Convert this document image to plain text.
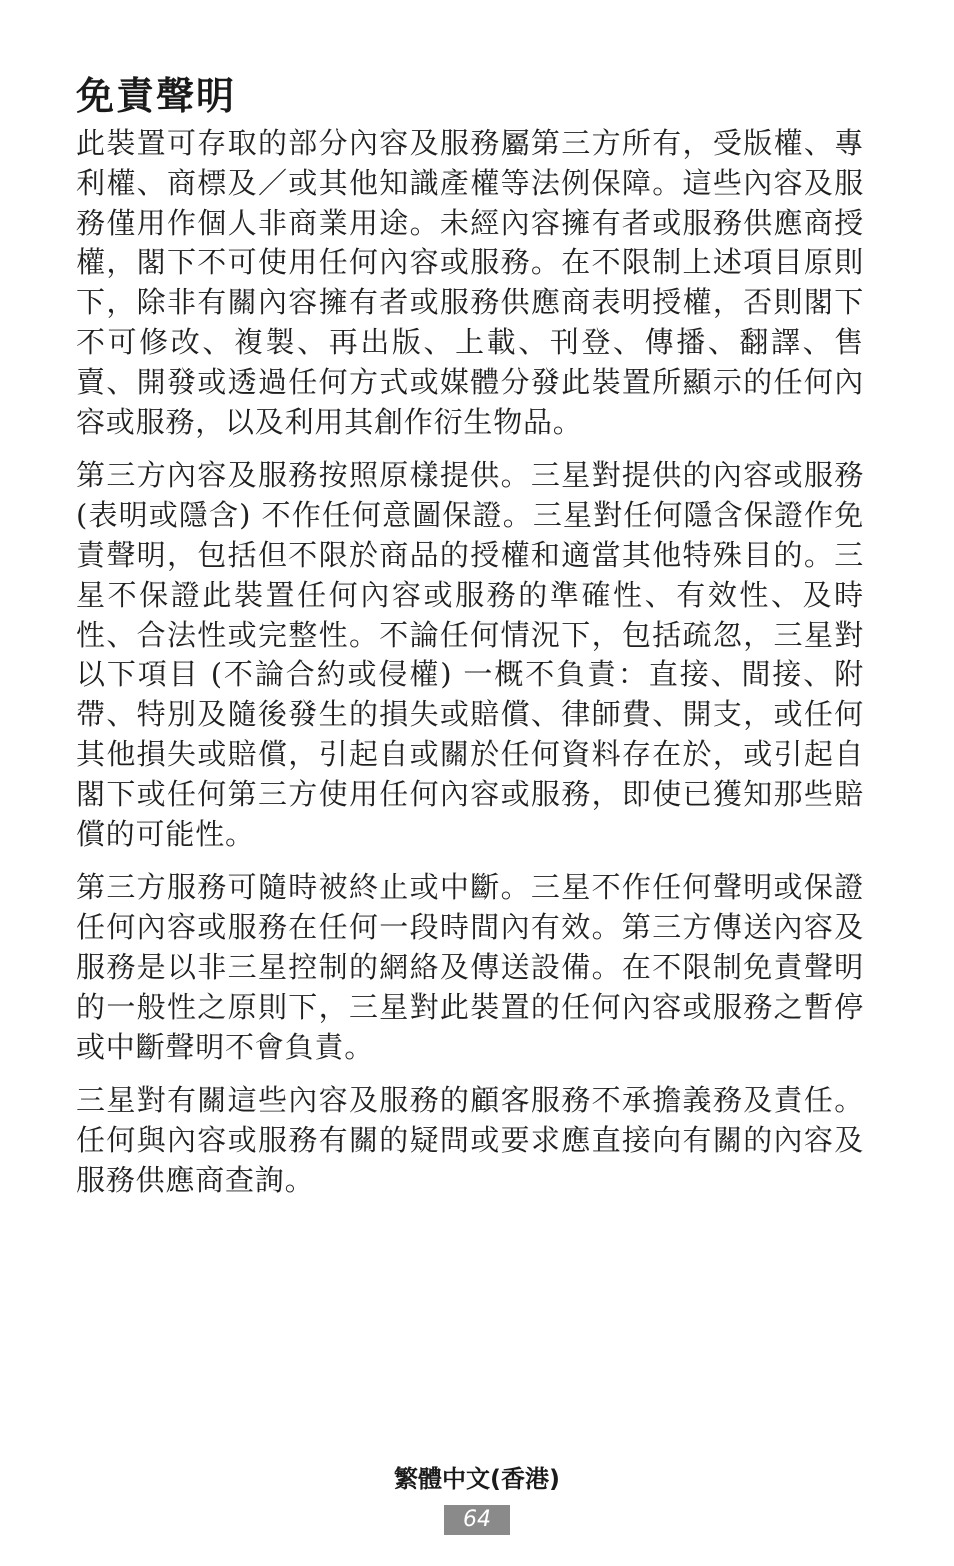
免責聲明

此裝置可存取的部分內容及服務屬第三方所有，受版權、專利權、商標及／或其他知識產權等法例保障。這些內容及服務僅用作個人非商業用途。未經內容擁有者或服務供應商授權，閣下不可使用任何內容或服務。在不限制上述項目原則下，除非有關內容擁有者或服務供應商表明授權，否則閣下不可修改、複製、再出版、上載、刊登、傳播、翻譯、售賣、開發或透過任何方式或媒體分發此裝置所顯示的任何內容或服務，以及利用其創作衍生物品。

第三方內容及服務按照原樣提供。三星對提供的內容或服務 (表明或隱含) 不作任何意圖保證。三星對任何隱含保證作免責聲明，包括但不限於商品的授權和適當其他特殊目的。三星不保證此裝置任何內容或服務的準確性、有效性、及時性、合法性或完整性。不論任何情況下，包括疏忽，三星對以下項目 (不論合約或侵權) 一概不負責：直接、間接、附帶、特別及隨後發生的損失或賠償、律師費、開支，或任何其他損失或賠償，引起自或關於任何資料存在於，或引起自閣下或任何第三方使用任何內容或服務，即使已獲知那些賠償的可能性。

第三方服務可隨時被終止或中斷。三星不作任何聲明或保證任何內容或服務在任何一段時間內有效。第三方傳送內容及服務是以非三星控制的網絡及傳送設備。在不限制免責聲明的一般性之原則下，三星對此裝置的任何內容或服務之暫停或中斷聲明不會負責。

三星對有關這些內容及服務的顧客服務不承擔義務及責任。任何與內容或服務有關的疑問或要求應直接向有關的內容及服務供應商查詢。

繁體中文(香港)
64
